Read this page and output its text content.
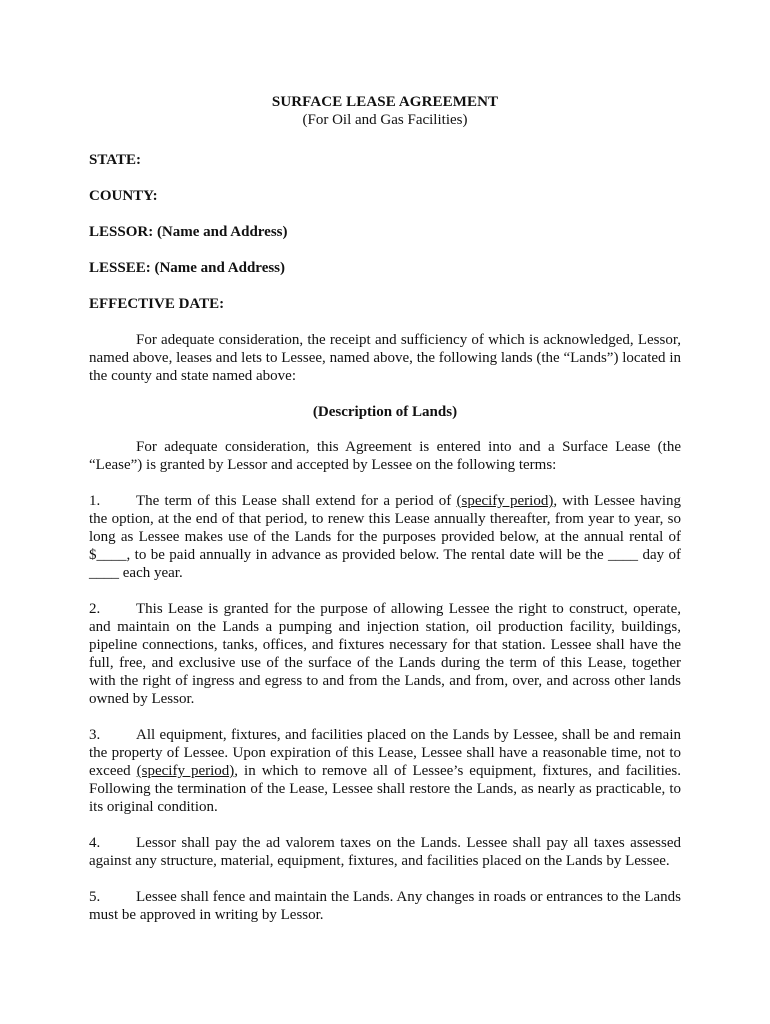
SURFACE LEASE AGREEMENT
(For Oil and Gas Facilities)
STATE:
COUNTY:
LESSOR: (Name and Address)
LESSEE: (Name and Address)
EFFECTIVE DATE:

For adequate consideration, the receipt and sufficiency of which is acknowledged, Lessor, named above, leases and lets to Lessee, named above, the following lands (the “Lands”) located in the county and state named above:

(Description of Lands)

For adequate consideration, this Agreement is entered into and a Surface Lease (the “Lease”) is granted by Lessor and accepted by Lessee on the following terms:

1. The term of this Lease shall extend for a period of (specify period), with Lessee having the option, at the end of that period, to renew this Lease annually thereafter, from year to year, so long as Lessee makes use of the Lands for the purposes provided below, at the annual rental of $____, to be paid annually in advance as provided below. The rental date will be the ____ day of ____ each year.

2. This Lease is granted for the purpose of allowing Lessee the right to construct, operate, and maintain on the Lands a pumping and injection station, oil production facility, buildings, pipeline connections, tanks, offices, and fixtures necessary for that station. Lessee shall have the full, free, and exclusive use of the surface of the Lands during the term of this Lease, together with the right of ingress and egress to and from the Lands, and from, over, and across other lands owned by Lessor.

3. All equipment, fixtures, and facilities placed on the Lands by Lessee, shall be and remain the property of Lessee. Upon expiration of this Lease, Lessee shall have a reasonable time, not to exceed (specify period), in which to remove all of Lessee’s equipment, fixtures, and facilities. Following the termination of the Lease, Lessee shall restore the Lands, as nearly as practicable, to its original condition.

4. Lessor shall pay the ad valorem taxes on the Lands. Lessee shall pay all taxes assessed against any structure, material, equipment, fixtures, and facilities placed on the Lands by Lessee.

5. Lessee shall fence and maintain the Lands. Any changes in roads or entrances to the Lands must be approved in writing by Lessor.
